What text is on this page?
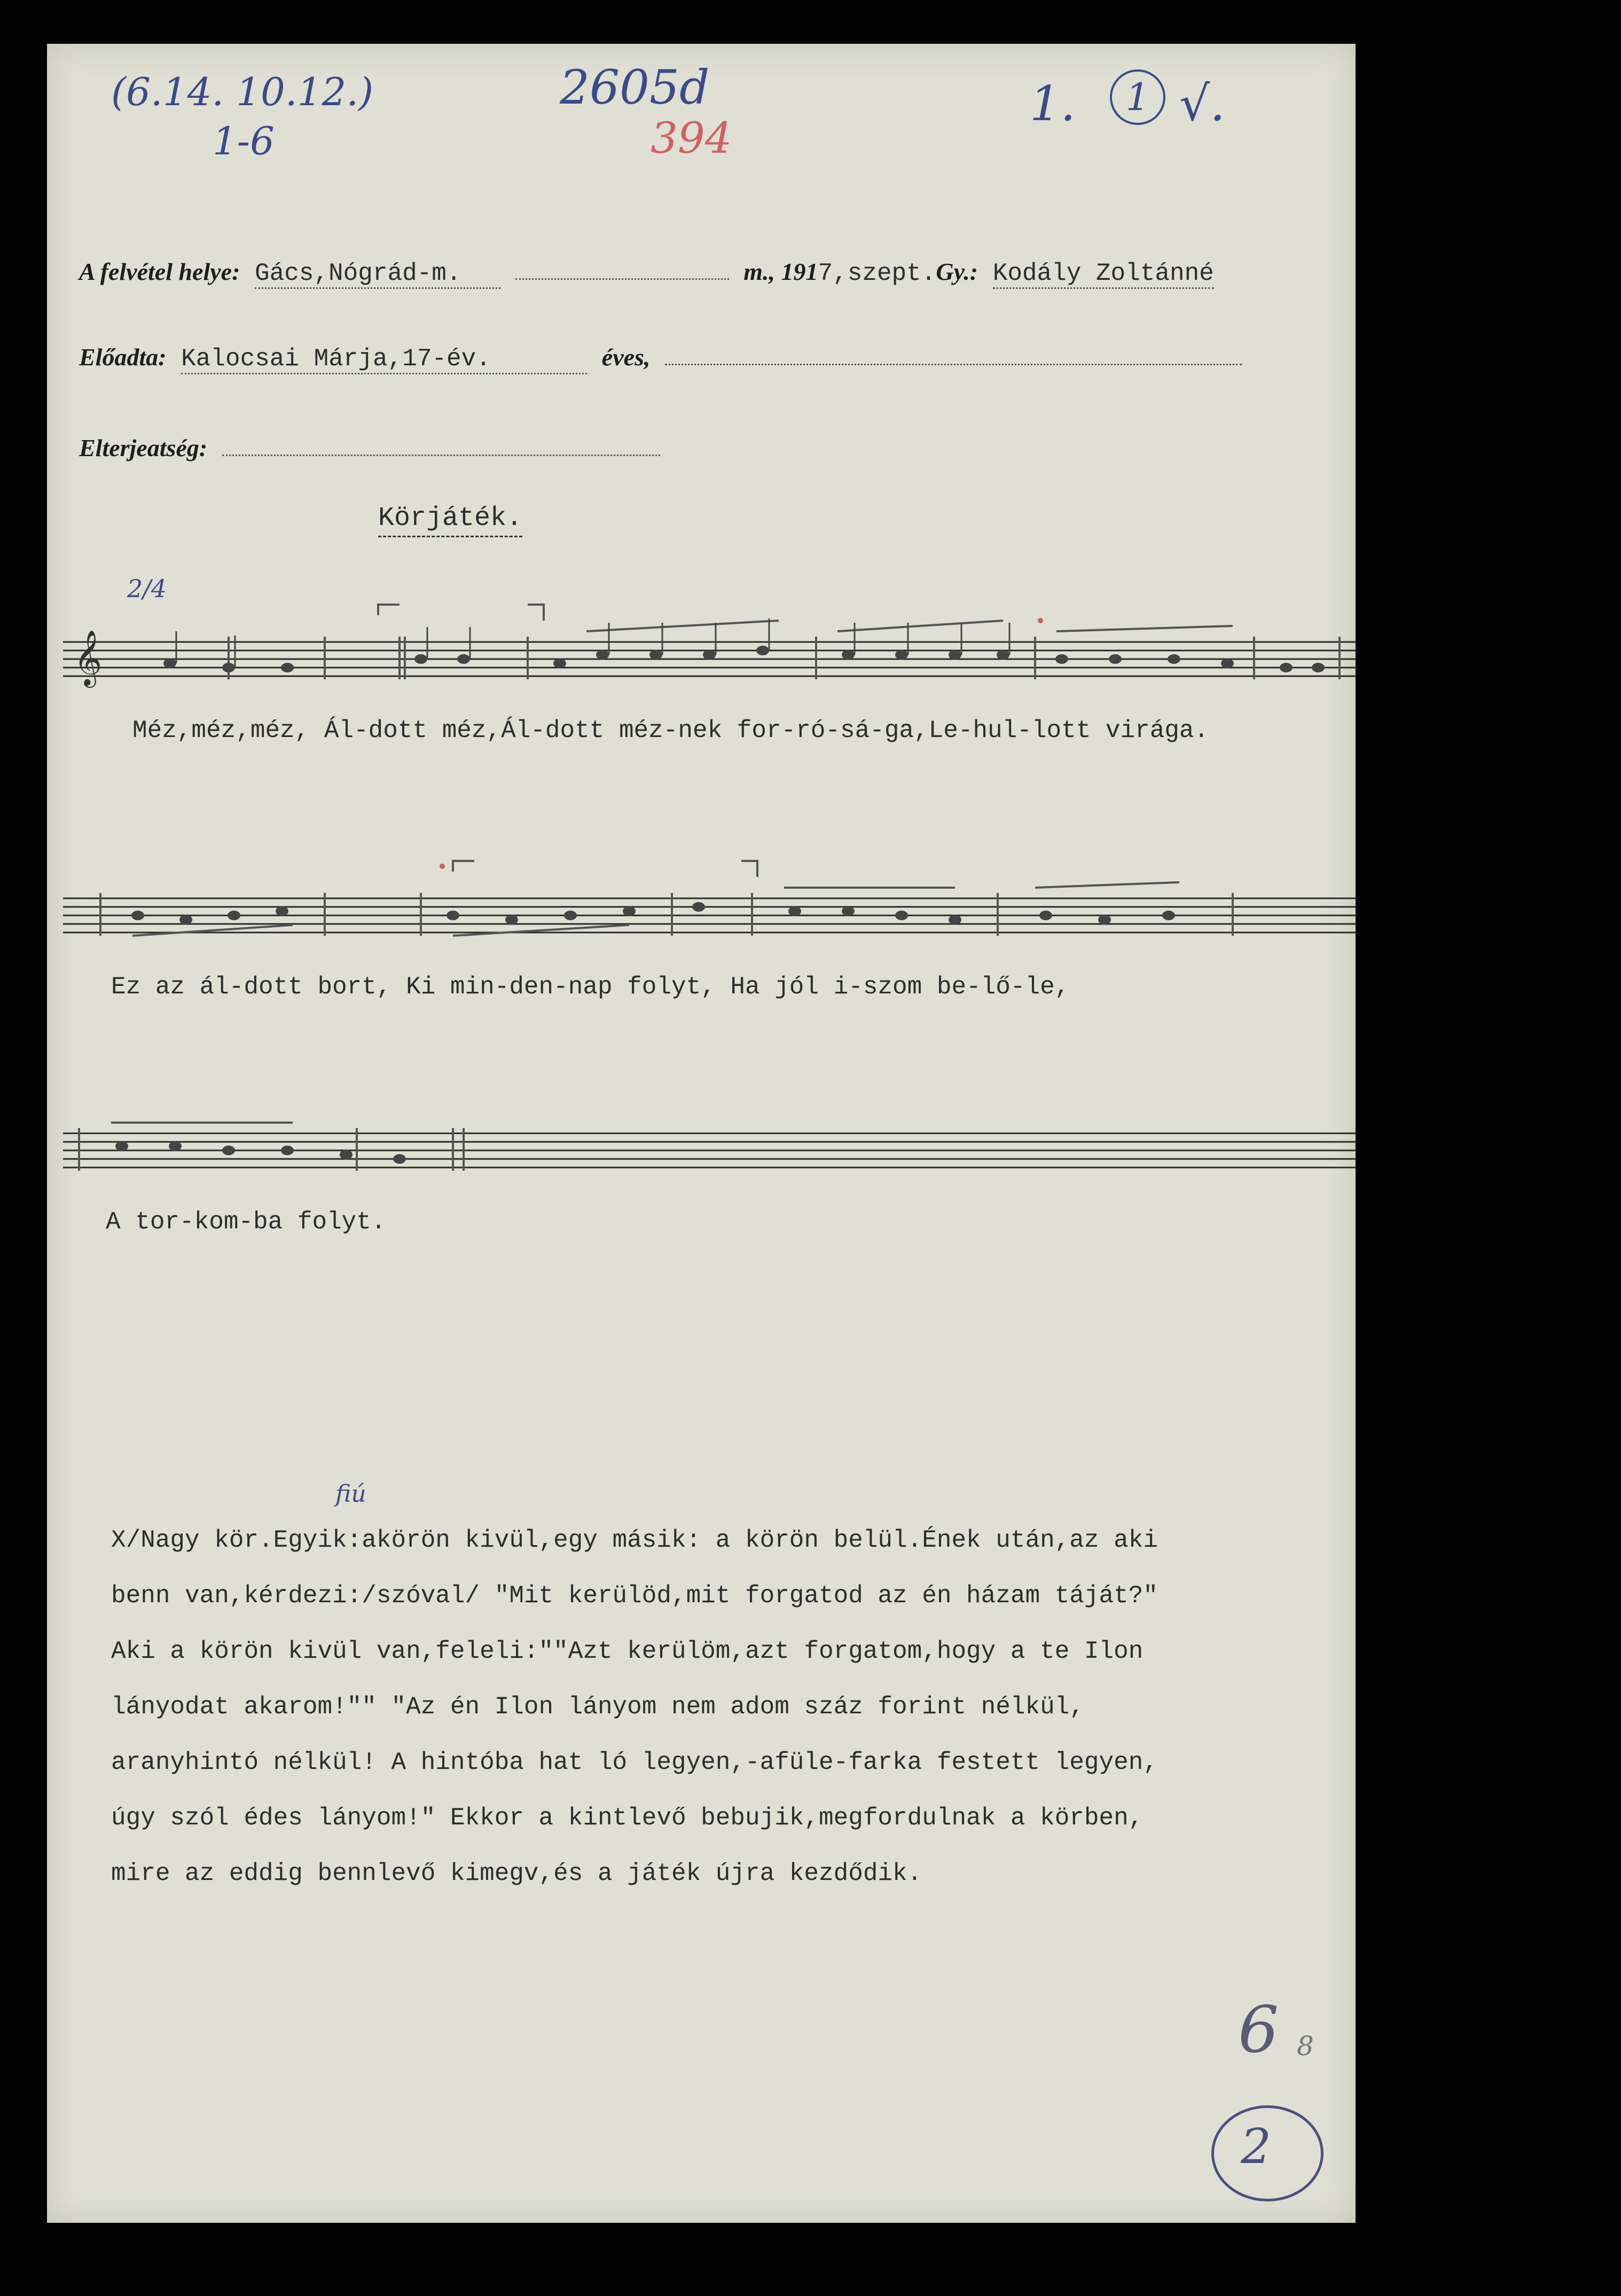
(6.14. 10.12.)
1-6
2605d
394
1.	1 √.
A felvétel helye: Gács,Nógrád-m.	m., 1917,szept.Gy.: Kodály Zoltánné
Előadta: Kalocsai Márja,17-év.	éves,
Elterjeatség:
Körjáték.
𝄞
2/4
Méz,méz,méz, Ál-dott méz,Ál-dott méz-nek for-ró-sá-ga,Le-hul-lott virága.
Ez az ál-dott bort, Ki min-den-nap folyt, Ha jól i-szom be-lő-le,
A tor-kom-ba folyt.
fiú
X/Nagy kör.Egyik:akörön kivül,egy másik: a körön belül.Ének után,az aki
benn van,kérdezi:/szóval/ "Mit kerülöd,mit forgatod az én házam táját?"
Aki a körön kivül van,feleli:""Azt kerülöm,azt forgatom,hogy a te Ilon
lányodat akarom!"" "Az én Ilon lányom nem adom száz forint nélkül,
aranyhintó nélkül! A hintóba hat ló legyen,-afüle-farka festett legyen,
úgy szól édes lányom!" Ekkor a kintlevő bebujik,megfordulnak a körben,
mire az eddig bennlevő kimegv,és a játék újra kezdődik.
6 8
2
